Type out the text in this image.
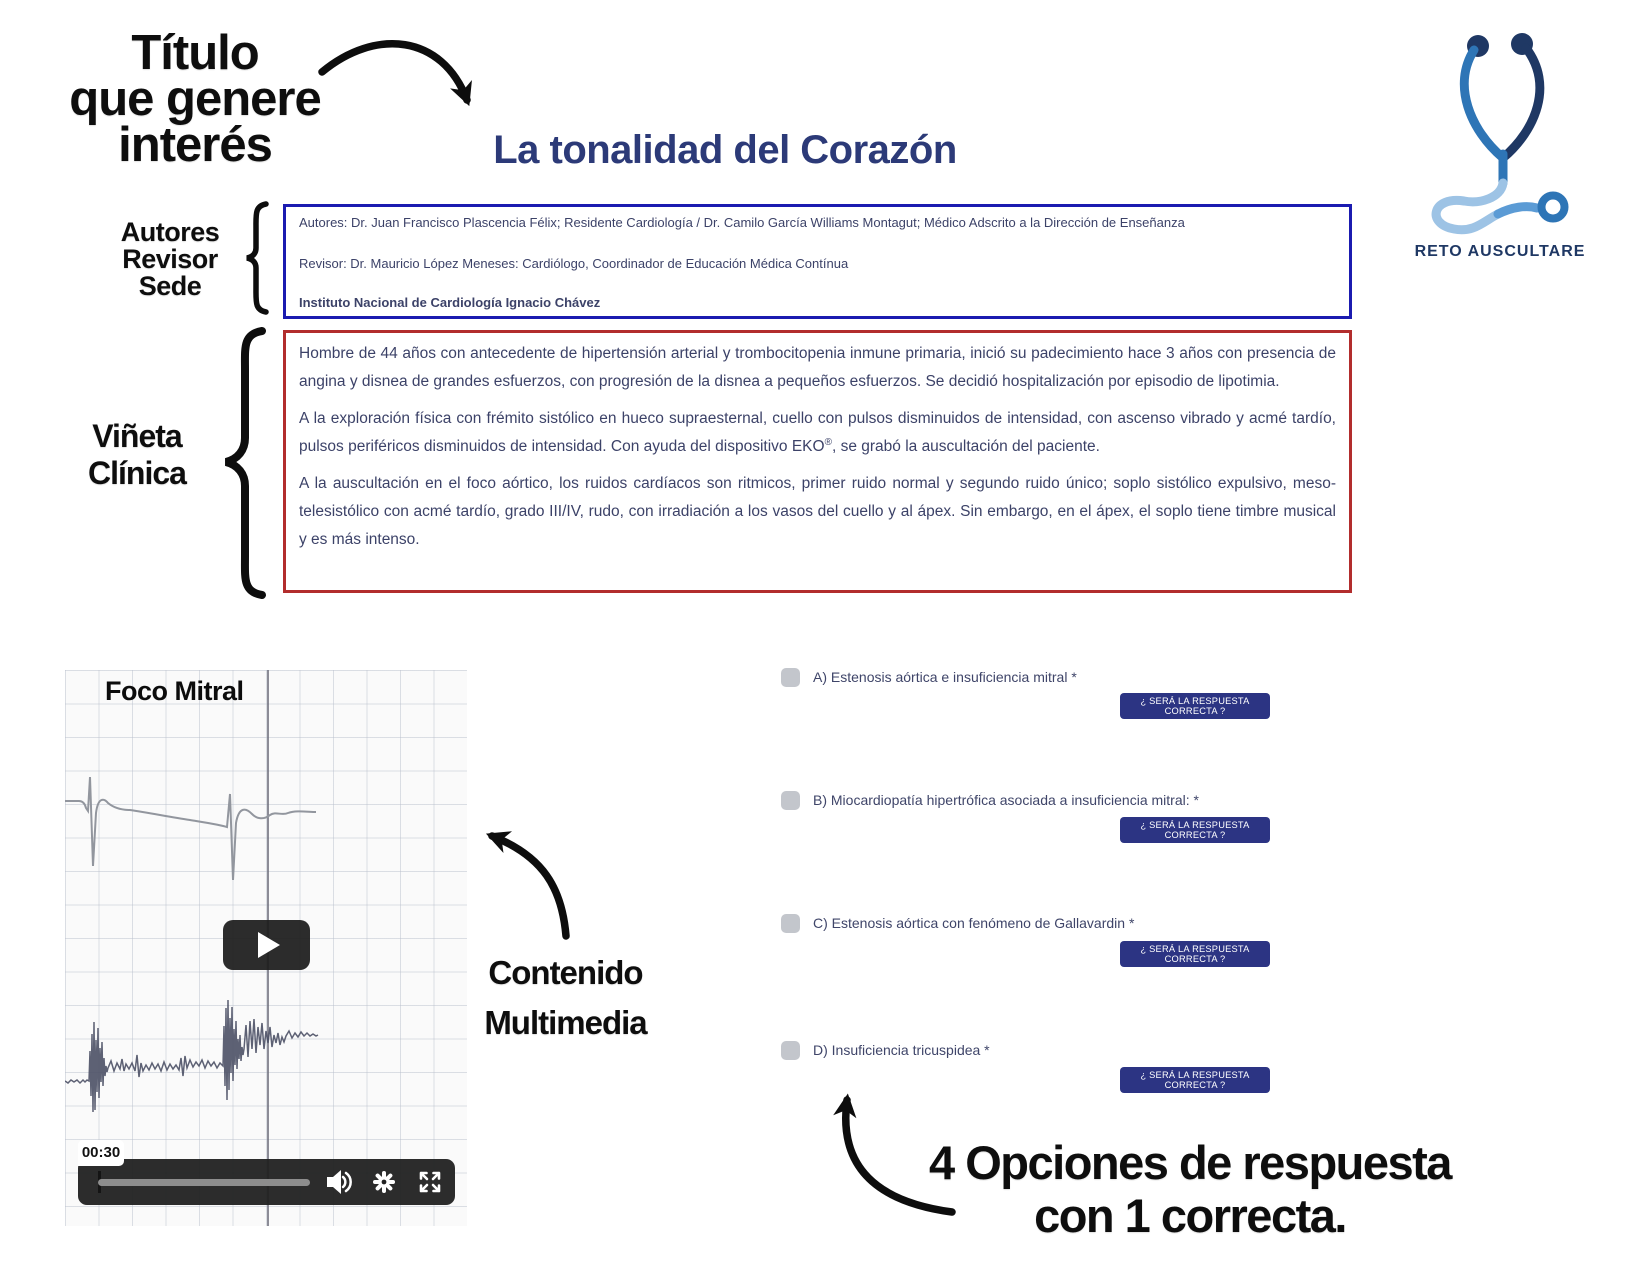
Título
que genere
interés	La tonalidad del Corazón
RETO AUSCULTARE
Autores
Revisor
Sede

Autores: Dr. Juan Francisco Plascencia Félix; Residente Cardiología / Dr. Camilo García Williams Montagut; Médico Adscrito a la Dirección de Enseñanza

Revisor: Dr. Mauricio López Meneses: Cardiólogo, Coordinador de Educación Médica Contínua

Instituto Nacional de Cardiología Ignacio Chávez

Viñeta
Clínica

Hombre de 44 años con antecedente de hipertensión arterial y trombocitopenia inmune primaria, inició su padecimiento hace 3 años con presencia de angina y disnea de grandes esfuerzos, con progresión de la disnea a pequeños esfuerzos. Se decidió hospitalización por episodio de lipotimia.

A la exploración física con frémito sistólico en hueco supraesternal, cuello con pulsos disminuidos de intensidad, con ascenso vibrado y acmé tardío, pulsos periféricos disminuidos de intensidad. Con ayuda del dispositivo EKO®, se grabó la auscultación del paciente.

A la auscultación en el foco aórtico, los ruidos cardíacos son ritmicos, primer ruido normal y segundo ruido único; soplo sistólico expulsivo, meso-telesistólico con acmé tardío, grado III/IV, rudo, con irradiación a los vasos del cuello y al ápex. Sin embargo, en el ápex, el soplo tiene timbre musical y es más intenso.

Foco Mitral
00:30
Contenido
Multimedia
A) Estenosis aórtica e insuficiencia mitral *
B) Miocardiopatía hipertrófica asociada a insuficiencia mitral: *
C) Estenosis aórtica con fenómeno de Gallavardin *
D) Insuficiencia tricuspidea *
¿ SERÁ LA RESPUESTA CORRECTA ?
¿ SERÁ LA RESPUESTA CORRECTA ?
¿ SERÁ LA RESPUESTA CORRECTA ?
¿ SERÁ LA RESPUESTA CORRECTA ?
4 Opciones de respuesta
con 1 correcta.
